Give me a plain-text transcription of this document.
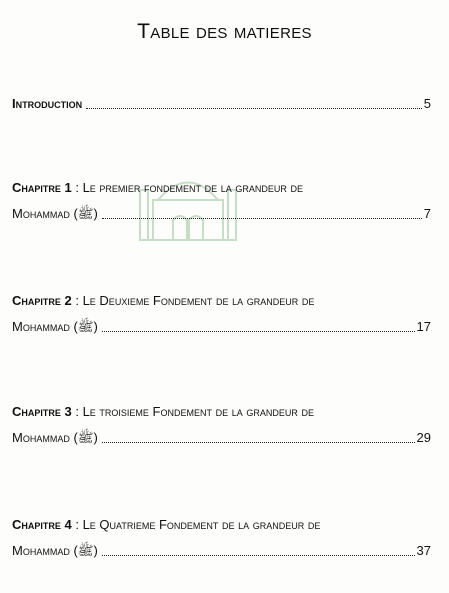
Table des matieres
Introduction	5
Chapitre 1 : Le premier fondement de la grandeur de
Mohammad (ﷺ)	7
Chapitre 2 : Le Deuxieme Fondement de la grandeur de
Mohammad (ﷺ)	17
Chapitre 3 : Le troisieme Fondement de la grandeur de
Mohammad (ﷺ)	29
Chapitre 4 : Le Quatrieme Fondement de la grandeur de
Mohammad (ﷺ)	37
